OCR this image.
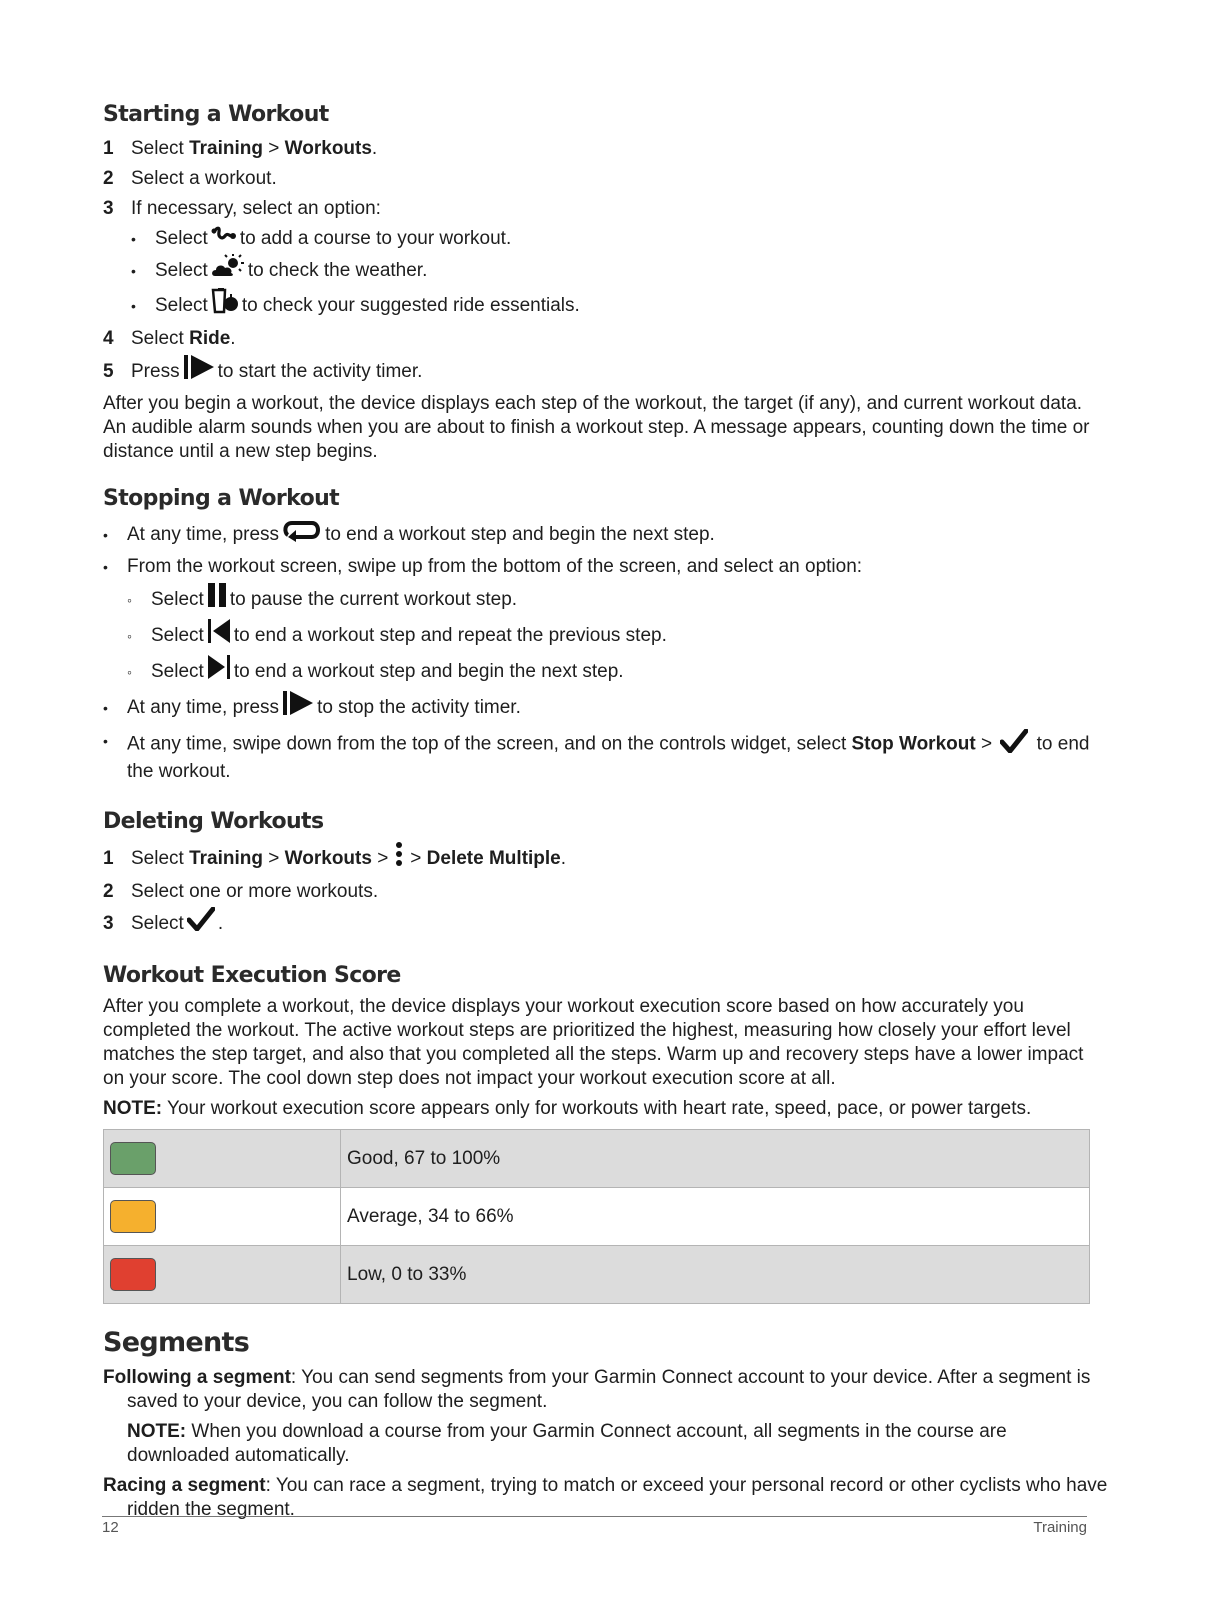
Starting a Workout
1 Select Training > Workouts.
2 Select a workout.
3 If necessary, select an option:
•	Select to add a course to your workout.
•	Select to check the weather.
•	Select to check your suggested ride essentials.
4 Select Ride.
5 Press to start the activity timer.

After you begin a workout, the device displays each step of the workout, the target (if any), and current workout data. An audible alarm sounds when you are about to finish a workout step. A message appears, counting down the time or distance until a new step begins.

Stopping a Workout
•	At any time, press to end a workout step and begin the next step.
•	From the workout screen, swipe up from the bottom of the screen, and select an option:
◦	Select to pause the current workout step.
◦	Select to end a workout step and repeat the previous step.
◦	Select to end a workout step and begin the next step.
•	At any time, press to stop the activity timer.
•	At any time, swipe down from the top of the screen, and on the controls widget, select Stop Workout >  to end the workout.
Deleting Workouts
1 Select Training > Workouts > > Delete Multiple.
2 Select one or more workouts.
3 Select .
Workout Execution Score

After you complete a workout, the device displays your workout execution score based on how accurately you completed the workout. The active workout steps are prioritized the highest, measuring how closely your effort level matches the step target, and also that you completed all the steps. Warm up and recovery steps have a lower impact on your score. The cool down step does not impact your workout execution score at all.

NOTE: Your workout execution score appears only for workouts with heart rate, speed, pace, or power targets.

	Good, 67 to 100%

	Average, 34 to 66%

	Low, 0 to 33%
Segments

Following a segment: You can send segments from your Garmin Connect account to your device. After a segment is saved to your device, you can follow the segment.

NOTE: When you download a course from your Garmin Connect account, all segments in the course are downloaded automatically.

Racing a segment: You can race a segment, trying to match or exceed your personal record or other cyclists who have ridden the segment.

12	Training
